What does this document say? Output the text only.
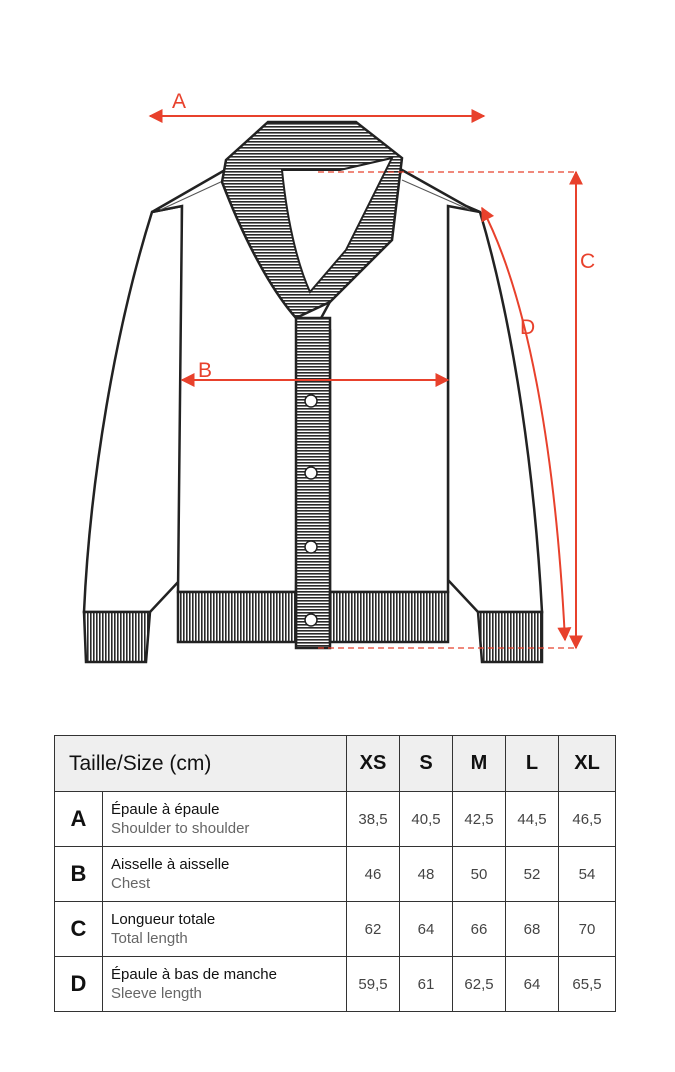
A
B
C
D
Taille/Size (cm)		XS	S	M	L	XL
A	Épaule à épaule
Shoulder to shoulder	38,5	40,5	42,5	44,5	46,5
B	Aisselle à aisselle
Chest	46	48	50	52	54
C	Longueur totale
Total length	62	64	66	68	70
D	Épaule à bas de manche
Sleeve length	59,5	61	62,5	64	65,5
